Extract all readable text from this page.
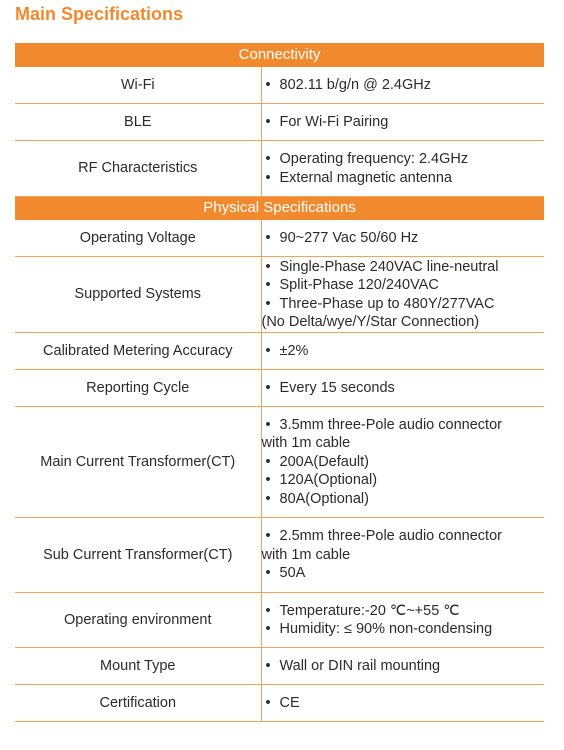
Main Specifications
Connectivity	
Wi-Fi	• 802.11 b/g/n @ 2.4GHz

BLE	• For Wi-Fi Pairing

RF Characteristics	• Operating frequency: 2.4GHz
• External magnetic antenna

Physical Specifications	
Operating Voltage	• 90~277 Vac 50/60 Hz

Supported Systems	• Single-Phase 240VAC line-neutral
• Split-Phase 120/240VAC
• Three-Phase up to 480Y/277VAC
(No Delta/wye/Y/Star Connection)

Calibrated Metering Accuracy	• ±2%

Reporting Cycle	• Every 15 seconds

Main Current Transformer(CT)	• 3.5mm three-Pole audio connector
with 1m cable
• 200A(Default)
• 120A(Optional)
• 80A(Optional)

Sub Current Transformer(CT)	• 2.5mm three-Pole audio connector
with 1m cable
• 50A

Operating environment	• Temperature:-20 ℃~+55 ℃
• Humidity: ≤ 90% non-condensing

Mount Type	• Wall or DIN rail mounting

Certification	• CE
